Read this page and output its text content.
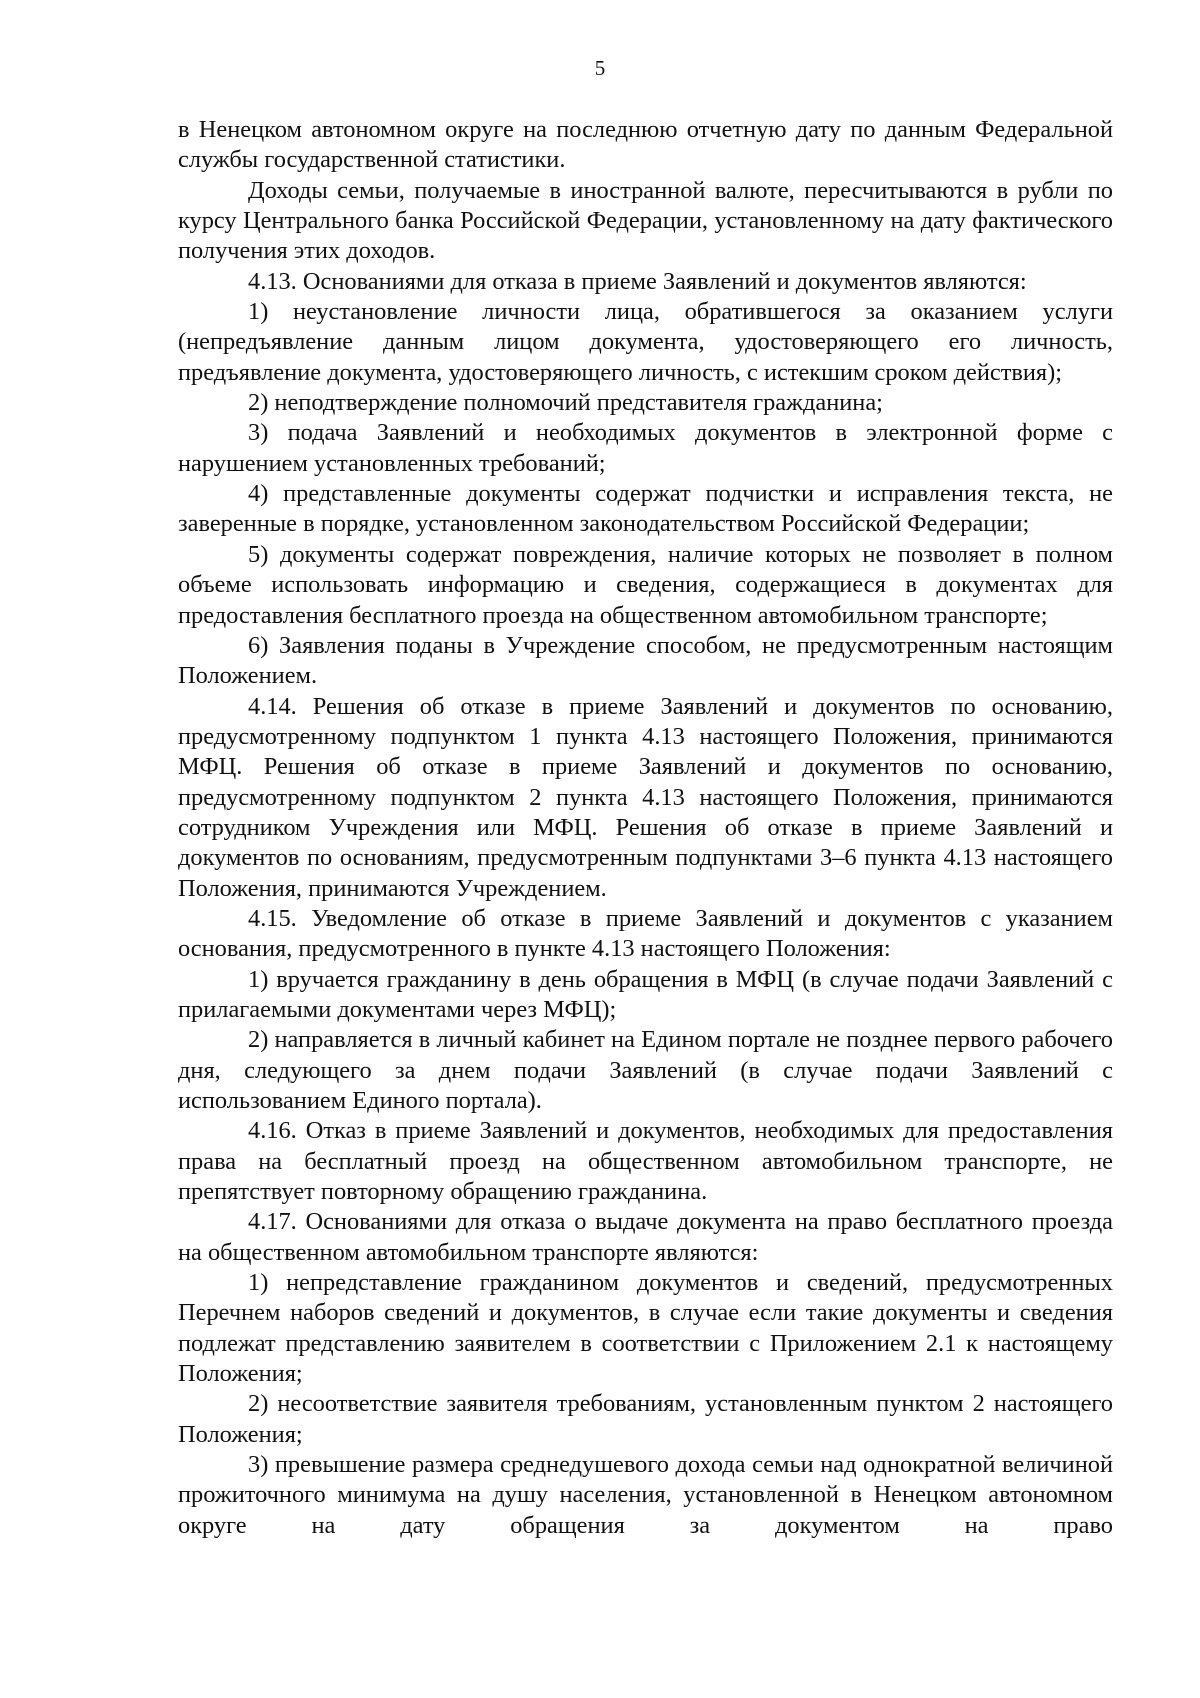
5

в Ненецком автономном округе на последнюю отчетную дату по данным Федеральной службы государственной статистики.

Доходы семьи, получаемые в иностранной валюте, пересчитываются в рубли по курсу Центрального банка Российской Федерации, установленному на дату фактического получения этих доходов.

4.13. Основаниями для отказа в приеме Заявлений и документов являются:

1) неустановление личности лица, обратившегося за оказанием услуги (непредъявление данным лицом документа, удостоверяющего его личность, предъявление документа, удостоверяющего личность, с истекшим сроком действия);

2) неподтверждение полномочий представителя гражданина;

3) подача Заявлений и необходимых документов в электронной форме с нарушением установленных требований;

4) представленные документы содержат подчистки и исправления текста, не заверенные в порядке, установленном законодательством Российской Федерации;

5) документы содержат повреждения, наличие которых не позволяет в полном объеме использовать информацию и сведения, содержащиеся в документах для предоставления бесплатного проезда на общественном автомобильном транспорте;

6) Заявления поданы в Учреждение способом, не предусмотренным настоящим Положением.

4.14. Решения об отказе в приеме Заявлений и документов по основанию, предусмотренному подпунктом 1 пункта 4.13 настоящего Положения, принимаются МФЦ. Решения об отказе в приеме Заявлений и документов по основанию, предусмотренному подпунктом 2 пункта 4.13 настоящего Положения, принимаются сотрудником Учреждения или МФЦ. Решения об отказе в приеме Заявлений и документов по основаниям, предусмотренным подпунктами 3–6 пункта 4.13 настоящего Положения, принимаются Учреждением.

4.15. Уведомление об отказе в приеме Заявлений и документов с указанием основания, предусмотренного в пункте 4.13 настоящего Положения:

1) вручается гражданину в день обращения в МФЦ (в случае подачи Заявлений с прилагаемыми документами через МФЦ);

2) направляется в личный кабинет на Едином портале не позднее первого рабочего дня, следующего за днем подачи Заявлений (в случае подачи Заявлений с использованием Единого портала).

4.16. Отказ в приеме Заявлений и документов, необходимых для предоставления права на бесплатный проезд на общественном автомобильном транспорте, не препятствует повторному обращению гражданина.

4.17. Основаниями для отказа о выдаче документа на право бесплатного проезда на общественном автомобильном транспорте являются:

1) непредставление гражданином документов и сведений, предусмотренных Перечнем наборов сведений и документов, в случае если такие документы и сведения подлежат представлению заявителем в соответствии с Приложением 2.1 к настоящему Положения;

2) несоответствие заявителя требованиям, установленным пунктом 2 настоящего Положения;

3) превышение размера среднедушевого дохода семьи над однократной величиной прожиточного минимума на душу населения, установленной в Ненецком автономном округе на дату обращения за документом на право
